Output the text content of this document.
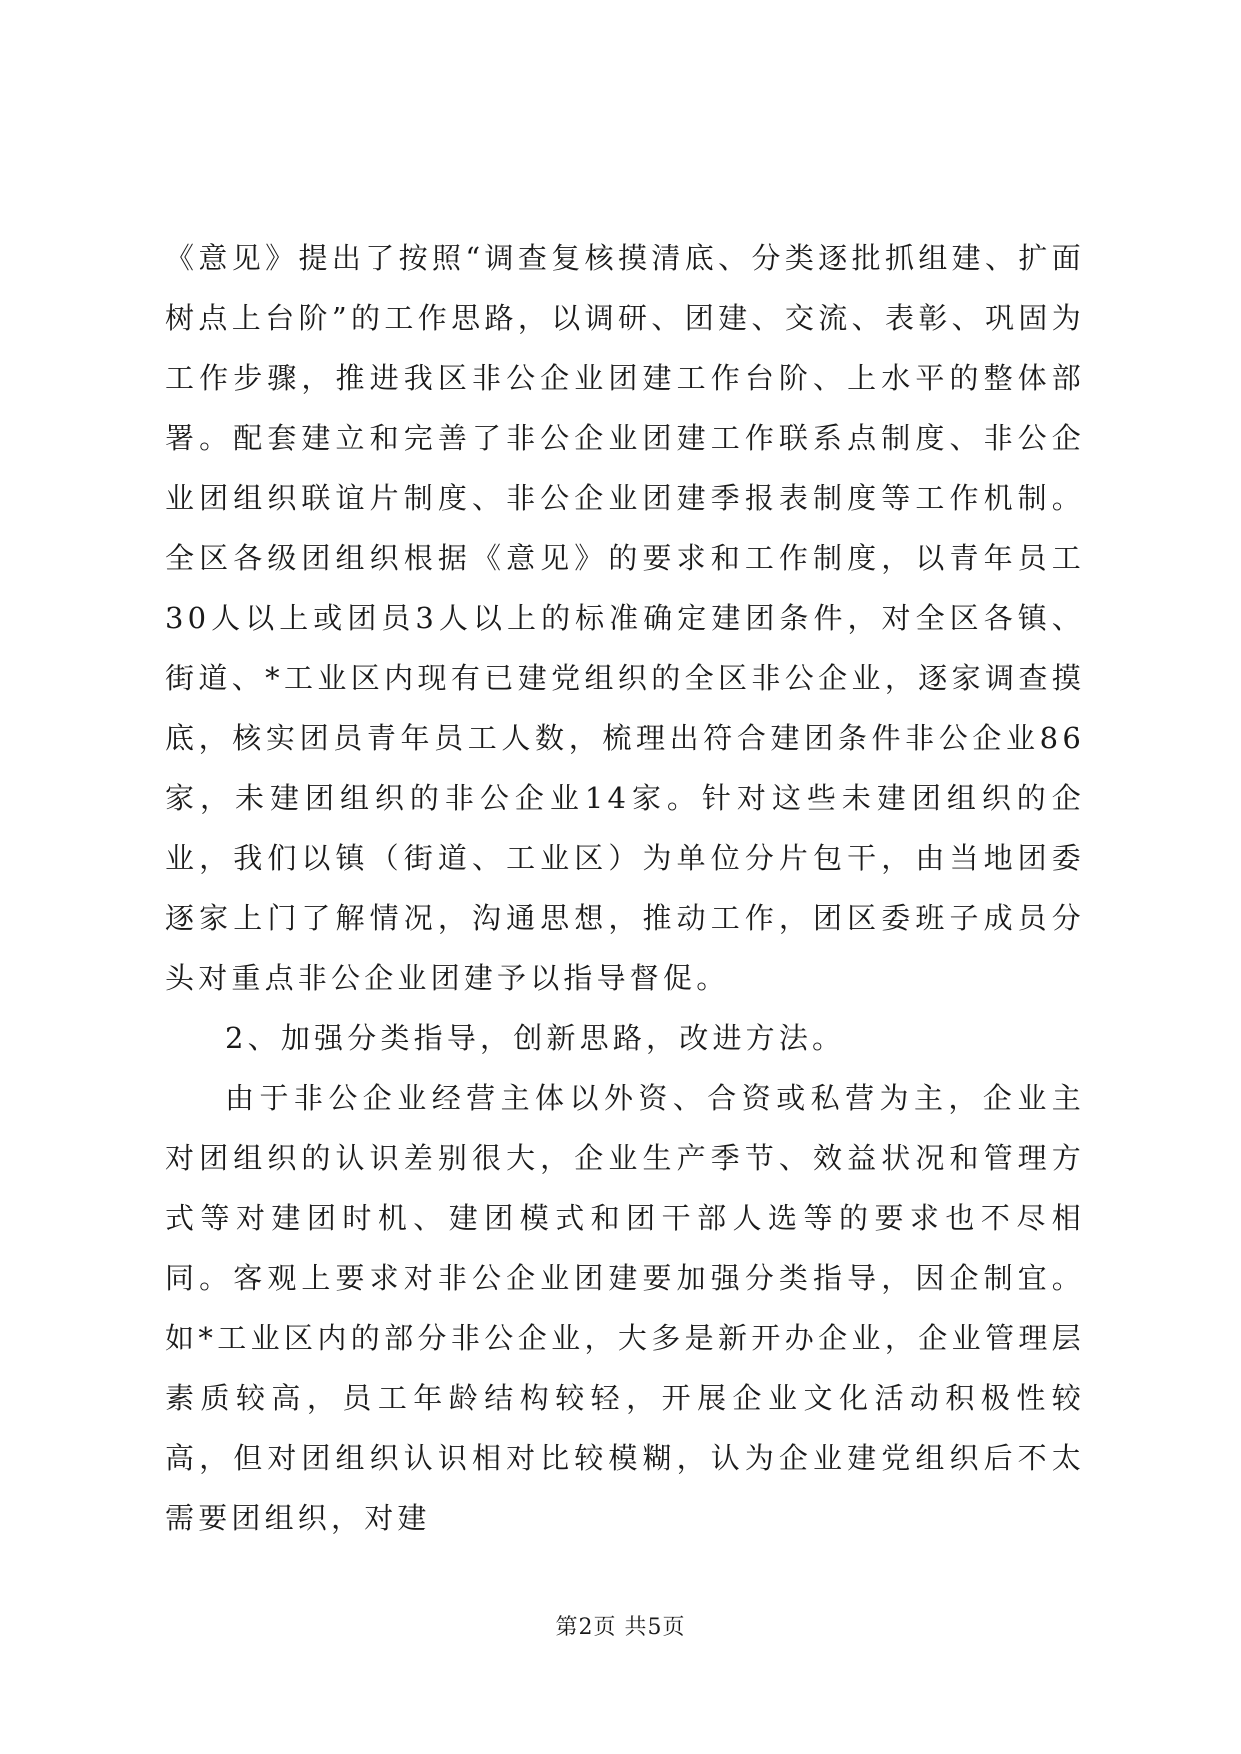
《意见》提出了按照“调查复核摸清底、分类逐批抓组建、扩面树点上台阶”的工作思路，以调研、团建、交流、表彰、巩固为工作步骤，推进我区非公企业团建工作台阶、上水平的整体部署。配套建立和完善了非公企业团建工作联系点制度、非公企业团组织联谊片制度、非公企业团建季报表制度等工作机制。全区各级团组织根据《意见》的要求和工作制度，以青年员工30人以上或团员3人以上的标准确定建团条件，对全区各镇、街道、*工业区内现有已建党组织的全区非公企业，逐家调查摸底，核实团员青年员工人数，梳理出符合建团条件非公企业86家，未建团组织的非公企业14家。针对这些未建团组织的企业，我们以镇（街道、工业区）为单位分片包干，由当地团委逐家上门了解情况，沟通思想，推动工作，团区委班子成员分头对重点非公企业团建予以指导督促。

2、加强分类指导，创新思路，改进方法。

由于非公企业经营主体以外资、合资或私营为主，企业主对团组织的认识差别很大，企业生产季节、效益状况和管理方式等对建团时机、建团模式和团干部人选等的要求也不尽相同。客观上要求对非公企业团建要加强分类指导，因企制宜。如*工业区内的部分非公企业，大多是新开办企业，企业管理层素质较高，员工年龄结构较轻，开展企业文化活动积极性较高，但对团组织认识相对比较模糊，认为企业建党组织后不太需要团组织，对建

第2页 共5页
